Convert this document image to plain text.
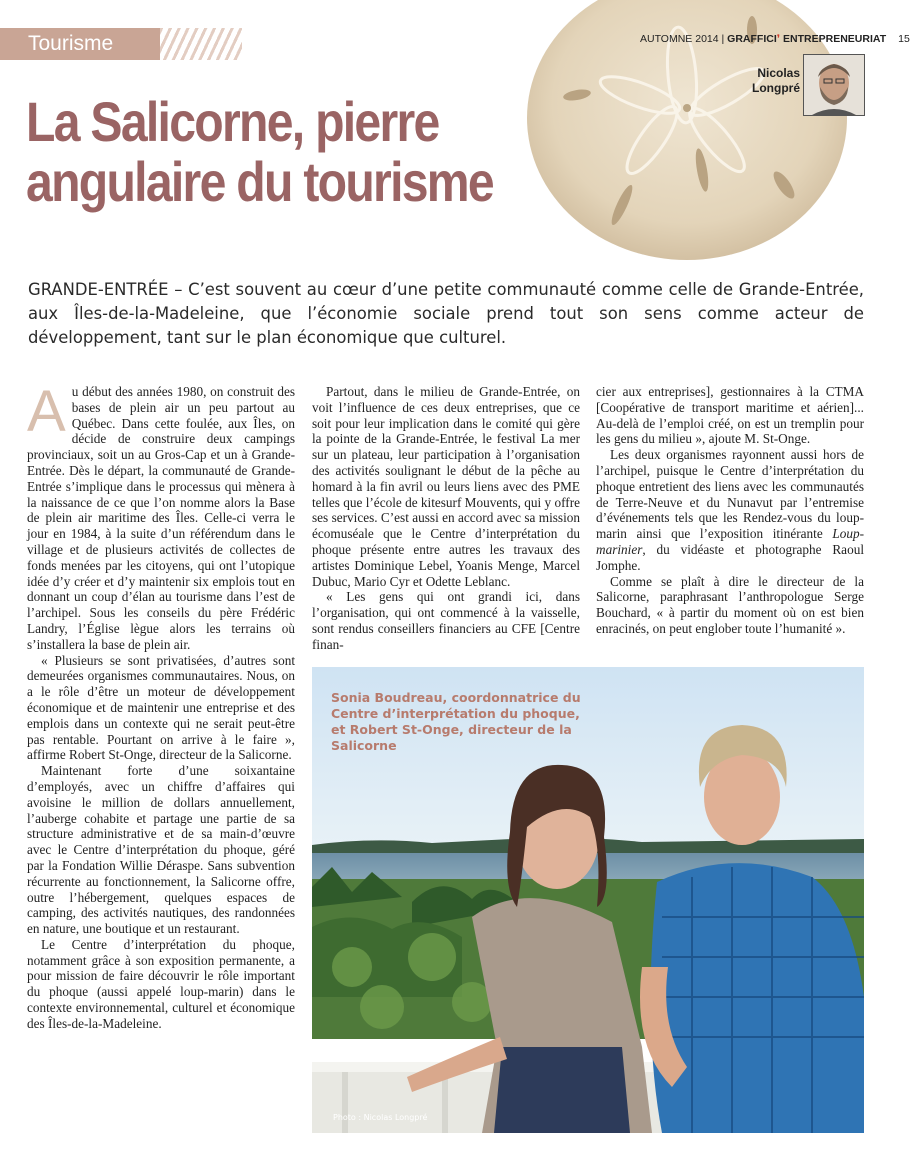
Tourisme	AUTOMNE 2014 | GRAFFICI❜ ENTREPRENEURIAT 15
Nicolas
Longpré
La Salicorne, pierre
angulaire du tourisme
GRANDE-ENTRÉE – C’est souvent au cœur d’une petite communauté comme celle de Grande-Entrée, aux Îles-de-la-Madeleine, que l’économie sociale prend tout son sens comme acteur de développement, tant sur le plan économique que culturel.

Au début des années 1980, on construit des bases de plein air un peu partout au Québec. Dans cette foulée, aux Îles, on décide de construire deux campings provinciaux, soit un au Gros-Cap et un à Grande-Entrée. Dès le départ, la communauté de Grande-Entrée s’implique dans le processus qui mènera à la naissance de ce que l’on nomme alors la Base de plein air maritime des Îles. Celle-ci verra le jour en 1984, à la suite d’un référendum dans le village et de plusieurs activités de collectes de fonds menées par les citoyens, qui ont l’utopique idée d’y créer et d’y maintenir six emplois tout en donnant un coup d’élan au tourisme dans l’est de l’archipel. Sous les conseils du père Frédéric Landry, l’Église lègue alors les terrains où s’installera la base de plein air.

« Plusieurs se sont privatisées, d’autres sont demeurées organismes communautaires. Nous, on a le rôle d’être un moteur de développement économique et de maintenir une entreprise et des emplois dans un contexte qui ne serait peut-être pas rentable. Pourtant on arrive à le faire », affirme Robert St-Onge, directeur de la Salicorne.

Maintenant forte d’une soixantaine d’employés, avec un chiffre d’affaires qui avoisine le million de dollars annuellement, l’auberge cohabite et partage une partie de sa structure administrative et de sa main-d’œuvre avec le Centre d’interprétation du phoque, géré par la Fondation Willie Déraspe. Sans subvention récurrente au fonctionnement, la Salicorne offre, outre l’hébergement, quelques espaces de camping, des activités nautiques, des randonnées en nature, une boutique et un restaurant.

Le Centre d’interprétation du phoque, notamment grâce à son exposition permanente, a pour mission de faire découvrir le rôle important du phoque (aussi appelé loup-marin) dans le contexte environnemental, culturel et économique des Îles-de-la-Madeleine.

Partout, dans le milieu de Grande-Entrée, on voit l’influence de ces deux entreprises, que ce soit pour leur implication dans le comité qui gère la pointe de la Grande-Entrée, le festival La mer sur un plateau, leur participation à l’organisation des activités soulignant le début de la pêche au homard à la fin avril ou leurs liens avec des PME telles que l’école de kitesurf Mouvents, qui y offre ses services. C’est aussi en accord avec sa mission écomuséale que le Centre d’interprétation du phoque présente entre autres les travaux des artistes Dominique Lebel, Yoanis Menge, Marcel Dubuc, Mario Cyr et Odette Leblanc.

« Les gens qui ont grandi ici, dans l’organisation, qui ont commencé à la vaisselle, sont rendus conseillers financiers au CFE [Centre finan-

cier aux entreprises], gestionnaires à la CTMA [Coopérative de transport maritime et aérien]... Au-delà de l’emploi créé, on est un tremplin pour les gens du milieu », ajoute M. St-Onge.

Les deux organismes rayonnent aussi hors de l’archipel, puisque le Centre d’interprétation du phoque entretient des liens avec les communautés de Terre-Neuve et du Nunavut par l’entremise d’événements tels que les Rendez-vous du loup-marin ainsi que l’exposition itinérante Loup-marinier, du vidéaste et photographe Raoul Jomphe.

Comme se plaît à dire le directeur de la Salicorne, paraphrasant l’anthropologue Serge Bouchard, « à partir du moment où on est bien enracinés, on peut englober toute l’humanité ».

Sonia Boudreau, coordonnatrice du Centre d’interprétation du phoque, et Robert St-Onge, directeur de la Salicorne
Photo : Nicolas Longpré
